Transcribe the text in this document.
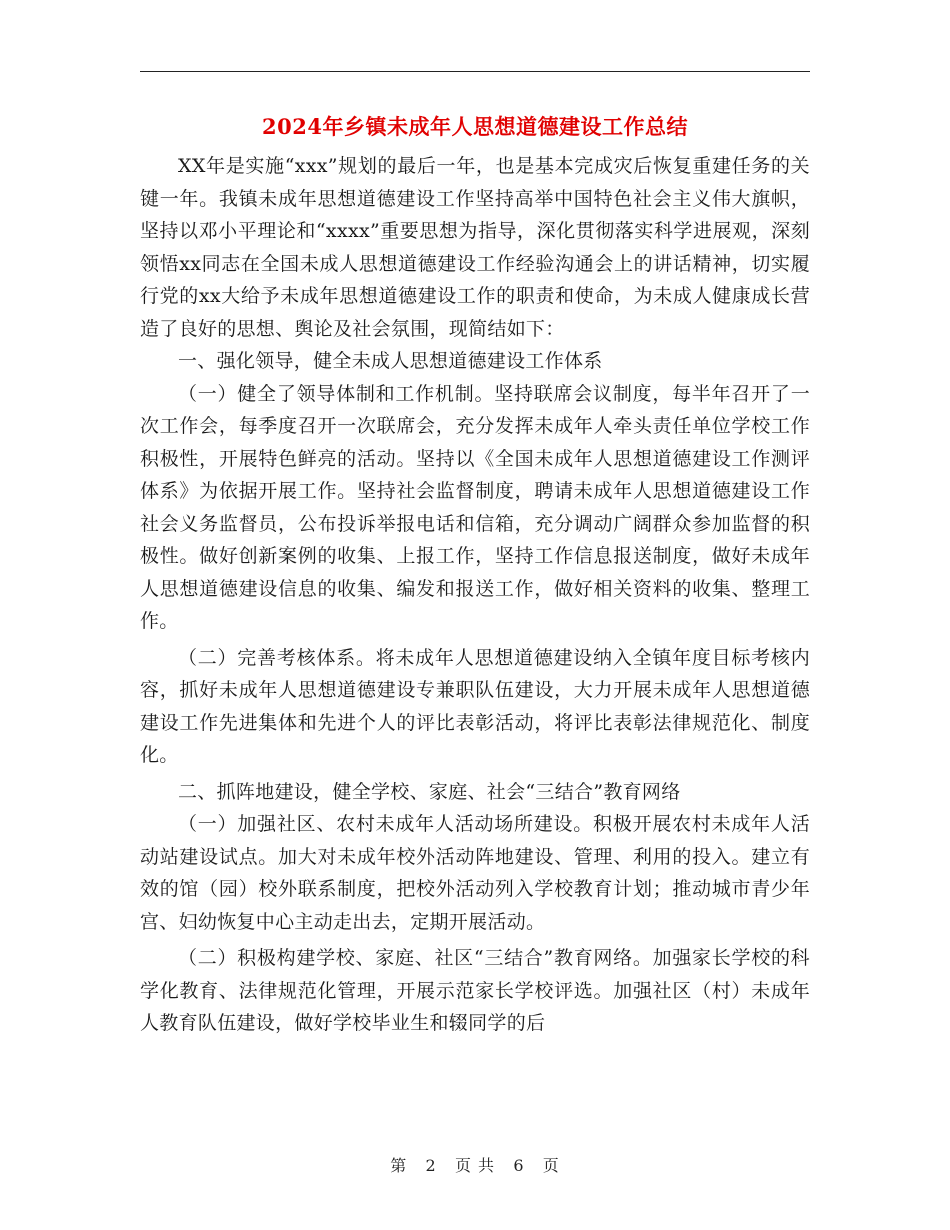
2024年乡镇未成年人思想道德建设工作总结

XX年是实施“xxx”规划的最后一年，也是基本完成灾后恢复重建任务的关键一年。我镇未成年思想道德建设工作坚持高举中国特色社会主义伟大旗帜，坚持以邓小平理论和“xxxx”重要思想为指导，深化贯彻落实科学进展观，深刻领悟xx同志在全国未成人思想道德建设工作经验沟通会上的讲话精神，切实履行党的xx大给予未成年思想道德建设工作的职责和使命，为未成人健康成长营造了良好的思想、舆论及社会氛围，现简结如下：

一、强化领导，健全未成人思想道德建设工作体系

（一）健全了领导体制和工作机制。坚持联席会议制度，每半年召开了一次工作会，每季度召开一次联席会，充分发挥未成年人牵头责任单位学校工作积极性，开展特色鲜亮的活动。坚持以《全国未成年人思想道德建设工作测评体系》为依据开展工作。坚持社会监督制度，聘请未成年人思想道德建设工作社会义务监督员，公布投诉举报电话和信箱，充分调动广阔群众参加监督的积极性。做好创新案例的收集、上报工作，坚持工作信息报送制度，做好未成年人思想道德建设信息的收集、编发和报送工作，做好相关资料的收集、整理工作。

（二）完善考核体系。将未成年人思想道德建设纳入全镇年度目标考核内容，抓好未成年人思想道德建设专兼职队伍建设，大力开展未成年人思想道德建设工作先进集体和先进个人的评比表彰活动，将评比表彰法律规范化、制度化。

二、抓阵地建设，健全学校、家庭、社会“三结合”教育网络

（一）加强社区、农村未成年人活动场所建设。积极开展农村未成年人活动站建设试点。加大对未成年校外活动阵地建设、管理、利用的投入。建立有效的馆（园）校外联系制度，把校外活动列入学校教育计划；推动城市青少年宫、妇幼恢复中心主动走出去，定期开展活动。

（二）积极构建学校、家庭、社区“三结合”教育网络。加强家长学校的科学化教育、法律规范化管理，开展示范家长学校评选。加强社区（村）未成年人教育队伍建设，做好学校毕业生和辍同学的后

第 2 页 共 6 页
